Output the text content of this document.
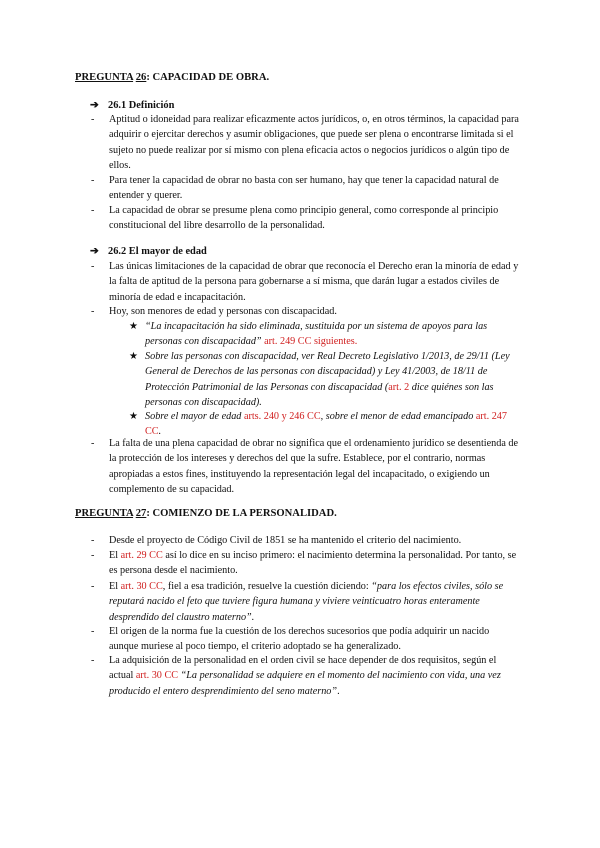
PREGUNTA 26: CAPACIDAD DE OBRA.
➔ 26.1 Definición
- Aptitud o idoneidad para realizar eficazmente actos jurídicos, o, en otros términos, la capacidad para adquirir o ejercitar derechos y asumir obligaciones, que puede ser plena o encontrarse limitada si el sujeto no puede realizar por sí mismo con plena eficacia actos o negocios jurídicos o algún tipo de ellos.
- Para tener la capacidad de obrar no basta con ser humano, hay que tener la capacidad natural de entender y querer.
- La capacidad de obrar se presume plena como principio general, como corresponde al principio constitucional del libre desarrollo de la personalidad.
➔ 26.2 El mayor de edad
- Las únicas limitaciones de la capacidad de obrar que reconocía el Derecho eran la minoría de edad y la falta de aptitud de la persona para gobernarse a sí misma, que darán lugar a estados civiles de minoría de edad e incapacitación.
- Hoy, son menores de edad y personas con discapacidad.
★ “La incapacitación ha sido eliminada, sustituida por un sistema de apoyos para las personas con discapacidad” art. 249 CC siguientes.
★ Sobre las personas con discapacidad, ver Real Decreto Legislativo 1/2013, de 29/11 (Ley General de Derechos de las personas con discapacidad) y Ley 41/2003, de 18/11 de Protección Patrimonial de las Personas con discapacidad (art. 2 dice quiénes son las personas con discapacidad).
★ Sobre el mayor de edad arts. 240 y 246 CC, sobre el menor de edad emancipado art. 247 CC.
- La falta de una plena capacidad de obrar no significa que el ordenamiento jurídico se desentienda de la protección de los intereses y derechos del que la sufre. Establece, por el contrario, normas apropiadas a estos fines, instituyendo la representación legal del incapacitado, o exigiendo un complemento de su capacidad.
PREGUNTA 27: COMIENZO DE LA PERSONALIDAD.
- Desde el proyecto de Código Civil de 1851 se ha mantenido el criterio del nacimiento.
- El art. 29 CC así lo dice en su inciso primero: el nacimiento determina la personalidad. Por tanto, se es persona desde el nacimiento.
- El art. 30 CC, fiel a esa tradición, resuelve la cuestión diciendo: “para los efectos civiles, sólo se reputará nacido el feto que tuviere figura humana y viviere veinticuatro horas enteramente desprendido del claustro materno”.
- El origen de la norma fue la cuestión de los derechos sucesorios que podía adquirir un nacido aunque muriese al poco tiempo, el criterio adoptado se ha generalizado.
- La adquisición de la personalidad en el orden civil se hace depender de dos requisitos, según el actual art. 30 CC “La personalidad se adquiere en el momento del nacimiento con vida, una vez producido el entero desprendimiento del seno materno”.
